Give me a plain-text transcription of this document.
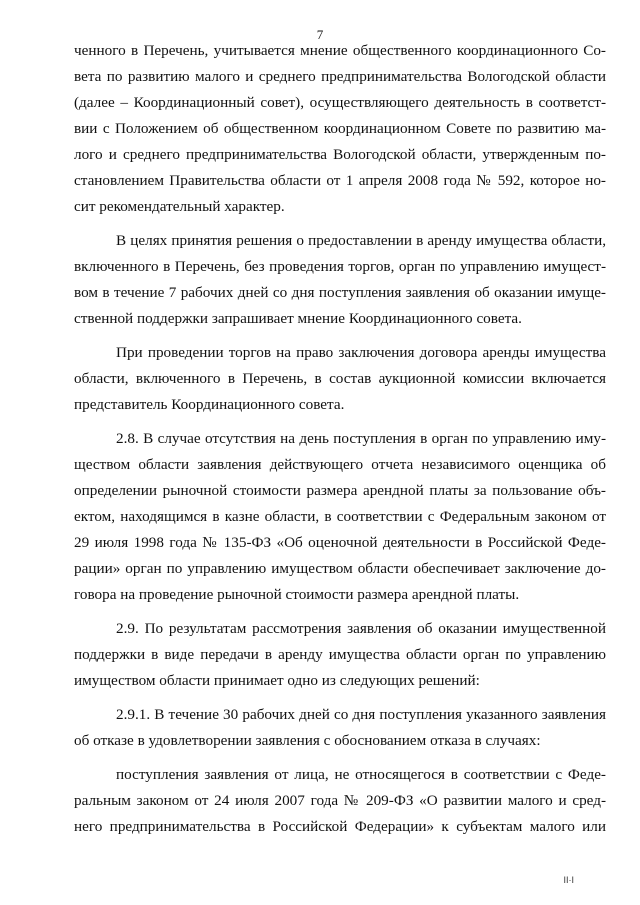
7
ченного в Перечень, учитывается мнение общественного координационного Со-
вета по развитию малого и среднего предпринимательства Вологодской области
(далее – Координационный совет), осуществляющего деятельность в соответст-
вии с Положением об общественном координационном Совете по развитию ма-
лого и среднего предпринимательства Вологодской области, утвержденным по-
становлением Правительства области от 1 апреля 2008 года № 592, которое но-
сит рекомендательный характер.
В целях принятия решения о предоставлении в аренду имущества области,
включенного в Перечень, без проведения торгов, орган по управлению имущест-
вом в течение 7 рабочих дней со дня поступления заявления об оказании имуще-
ственной поддержки запрашивает мнение Координационного совета.
При проведении торгов на право заключения договора аренды имущества
области, включенного в Перечень, в состав аукционной комиссии включается
представитель Координационного совета.
2.8. В случае отсутствия на день поступления в орган по управлению иму-
ществом области заявления действующего отчета независимого оценщика об
определении рыночной стоимости размера арендной платы за пользование объ-
ектом, находящимся в казне области, в соответствии с Федеральным законом от
29 июля 1998 года № 135-ФЗ «Об оценочной деятельности в Российской Феде-
рации» орган по управлению имуществом области обеспечивает заключение до-
говора на проведение рыночной стоимости размера арендной платы.
2.9. По результатам рассмотрения заявления об оказании имущественной
поддержки в виде передачи в аренду имущества области орган по управлению
имуществом области принимает одно из следующих решений:
2.9.1. В течение 30 рабочих дней со дня поступления указанного заявления
об отказе в удовлетворении заявления с обоснованием отказа в случаях:
поступления заявления от лица, не относящегося в соответствии с Феде-
ральным законом от 24 июля 2007 года № 209-ФЗ «О развитии малого и сред-
него предпринимательства в Российской Федерации» к субъектам малого или
II·I
